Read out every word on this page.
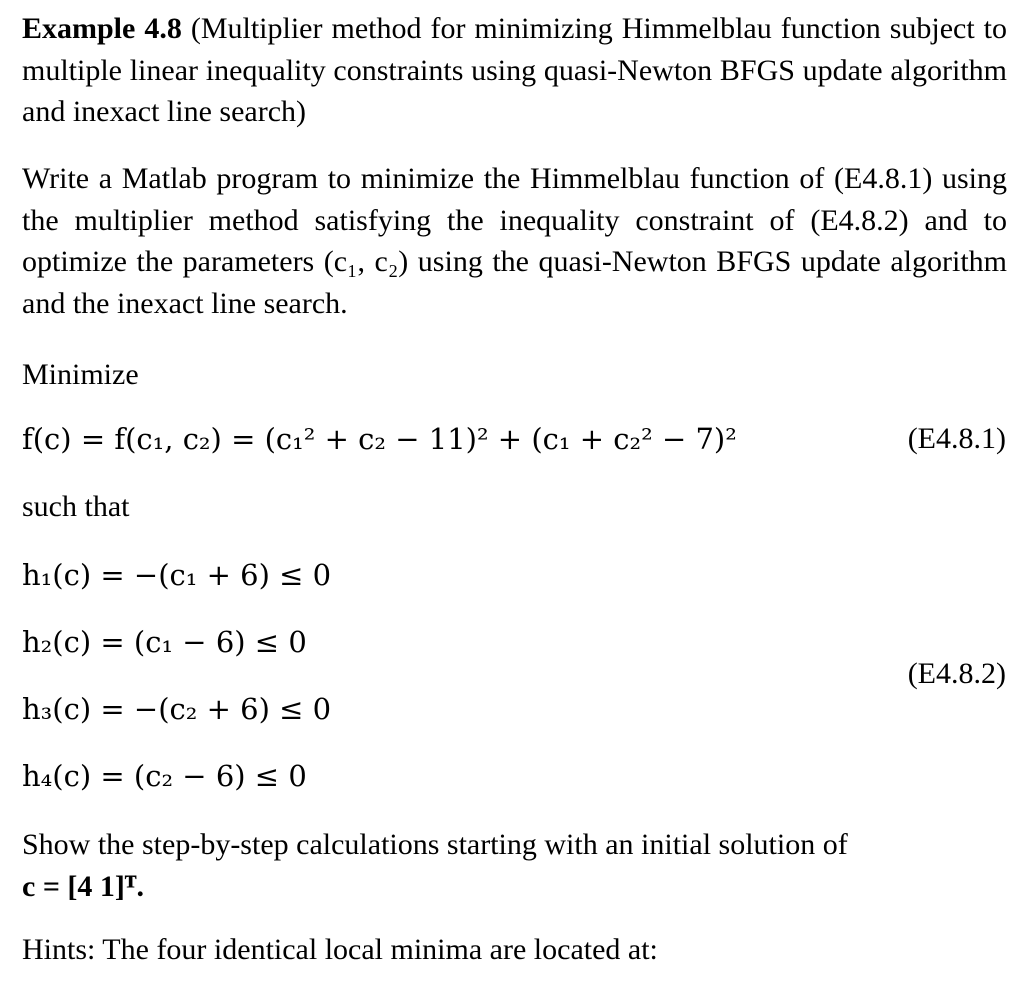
Example 4.8 (Multiplier method for minimizing Himmelblau function subject to multiple linear inequality constraints using quasi-Newton BFGS update algorithm and inexact line search)

Write a Matlab program to minimize the Himmelblau function of (E4.8.1) using the multiplier method satisfying the inequality constraint of (E4.8.2) and to optimize the parameters (c₁, c₂) using the quasi-Newton BFGS update algorithm and the inexact line search.

Minimize

f(c) = f(c₁, c₂) = (c₁² + c₂ − 11)² + (c₁ + c₂² − 7)²	(E4.8.1)

such that

h₁(c) = −(c₁ + 6) ≤ 0

h₂(c) = (c₁ − 6) ≤ 0

(E4.8.2)

h₃(c) = −(c₂ + 6) ≤ 0

h₄(c) = (c₂ − 6) ≤ 0

Show the step-by-step calculations starting with an initial solution of
c = [4 1]ᵀ.

Hints: The four identical local minima are located at:
